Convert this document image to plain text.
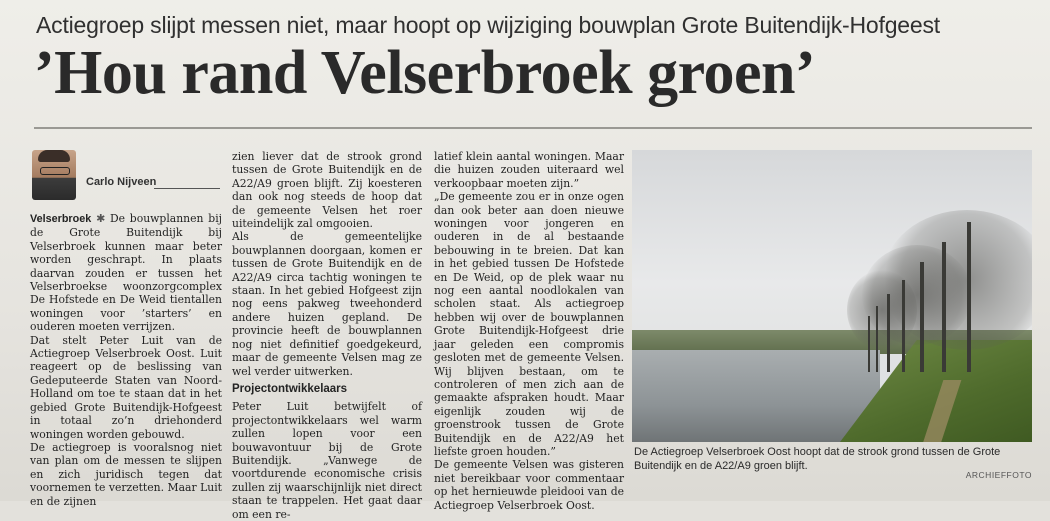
Actiegroep slijpt messen niet, maar hoopt op wijziging bouwplan Grote Buitendijk-Hofgeest
’Hou rand Velserbroek groen’
Carlo Nijveen

Velserbroek ✱ De bouwplannen bij de Grote Buitendijk bij Velserbroek kunnen maar beter worden geschrapt. In plaats daarvan zouden er tussen het Velserbroekse woonzorgcomplex De Hofstede en De Weid tientallen woningen voor ’starters’ en ouderen moeten verrijzen.

Dat stelt Peter Luit van de Actiegroep Velserbroek Oost. Luit reageert op de beslissing van Gedeputeerde Staten van Noord-Holland om toe te staan dat in het gebied Grote Buitendijk-Hofgeest in totaal zo’n driehonderd woningen worden gebouwd.

De actiegroep is vooralsnog niet van plan om de messen te slijpen en zich juridisch tegen dat voornemen te verzetten. Maar Luit en de zijnen

zien liever dat de strook grond tussen de Grote Buitendijk en de A22/A9 groen blijft. Zij koesteren dan ook nog steeds de hoop dat de gemeente Velsen het roer uiteindelijk zal omgooien.

Als de gemeentelijke bouwplannen doorgaan, komen er tussen de Grote Buitendijk en de A22/A9 circa tachtig woningen te staan. In het gebied Hofgeest zijn nog eens pakweg tweehonderd andere huizen gepland. De provincie heeft de bouwplannen nog niet definitief goedgekeurd, maar de gemeente Velsen mag ze wel verder uitwerken.

Projectontwikkelaars

Peter Luit betwijfelt of projectontwikkelaars wel warm zullen lopen voor een bouwavontuur bij de Grote Buitendijk. „Vanwege de voortdurende economische crisis zullen zij waarschijnlijk niet direct staan te trappelen. Het gaat daar om een re-

latief klein aantal woningen. Maar die huizen zouden uiteraard wel verkoopbaar moeten zijn.”

„De gemeente zou er in onze ogen dan ook beter aan doen nieuwe woningen voor jongeren en ouderen in de al bestaande bebouwing in te breien. Dat kan in het gebied tussen De Hofstede en De Weid, op de plek waar nu nog een aantal noodlokalen van scholen staat. Als actiegroep hebben wij over de bouwplannen Grote Buitendijk-Hofgeest drie jaar geleden een compromis gesloten met de gemeente Velsen. Wij blijven bestaan, om te controleren of men zich aan de gemaakte afspraken houdt. Maar eigenlijk zouden wij de groenstrook tussen de Grote Buitendijk en de A22/A9 het liefste groen houden.”

De gemeente Velsen was gisteren niet bereikbaar voor commentaar op het hernieuwde pleidooi van de Actiegroep Velserbroek Oost.

De Actiegroep Velserbroek Oost hoopt dat de strook grond tussen de Grote Buitendijk en de A22/A9 groen blijft.
ARCHIEFFOTO
